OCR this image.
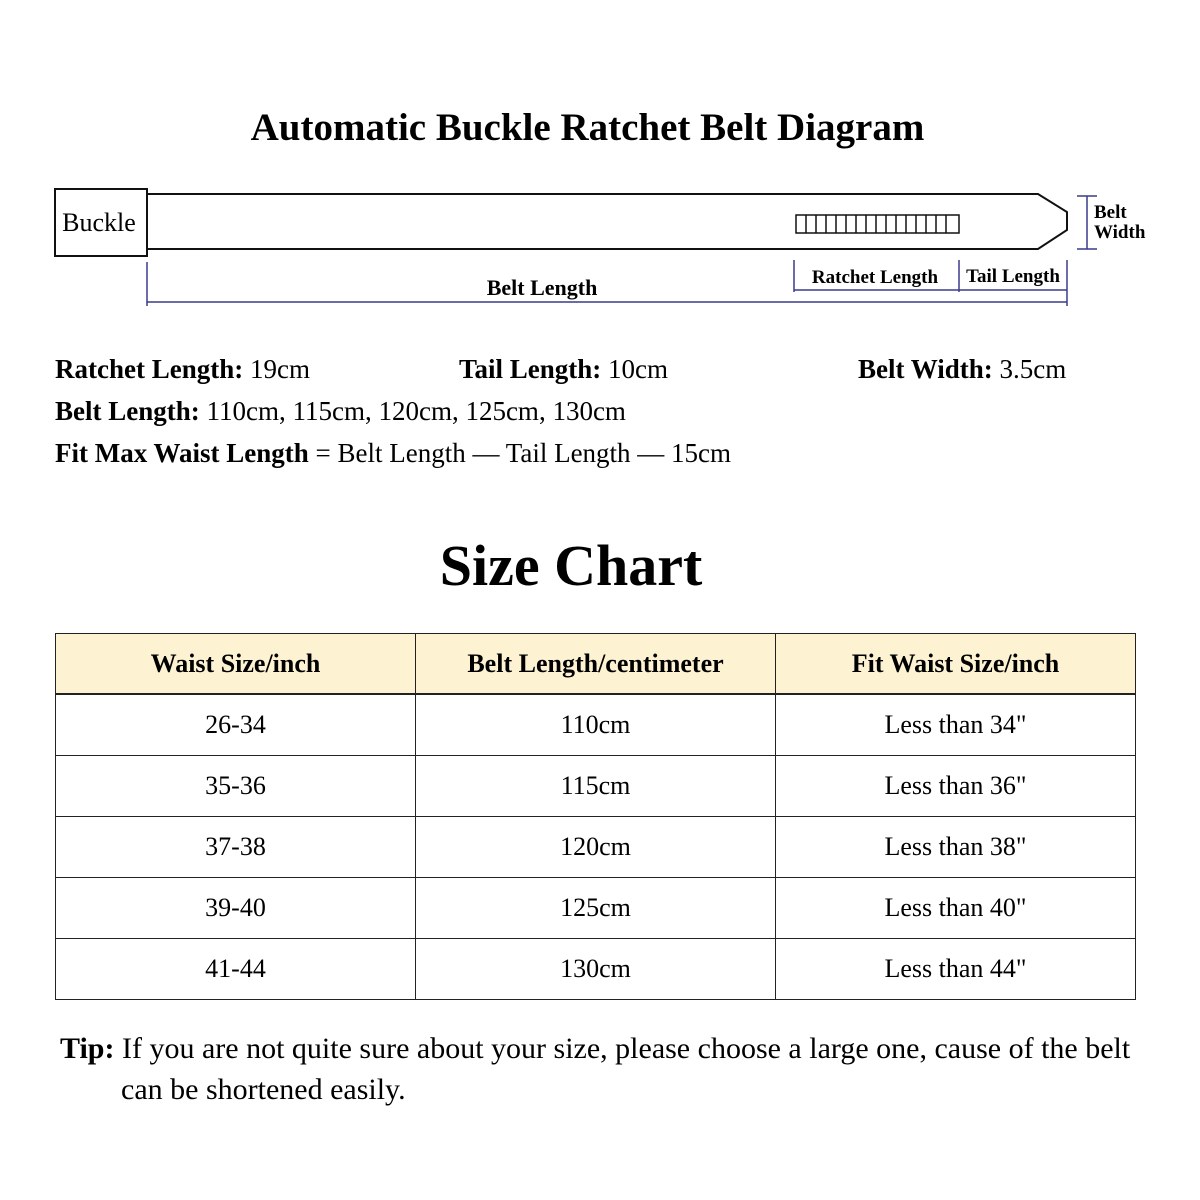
Automatic Buckle Ratchet Belt Diagram
Buckle
Belt Length	Ratchet Length Tail Length
Belt
Width
Ratchet Length: 19cm	Tail Length: 10cm	Belt Width: 3.5cm
Belt Length: 110cm, 115cm, 120cm, 125cm, 130cm
Fit Max Waist Length = Belt Length — Tail Length — 15cm
Size Chart
Waist Size/inch	Belt Length/centimeter	Fit Waist Size/inch
26-34	110cm	Less than 34"
35-36	115cm	Less than 36"
37-38	120cm	Less than 38"
39-40	125cm	Less than 40"
41-44	130cm	Less than 44"
Tip: If you are not quite sure about your size, please choose a large one, cause of the belt can be shortened easily.
